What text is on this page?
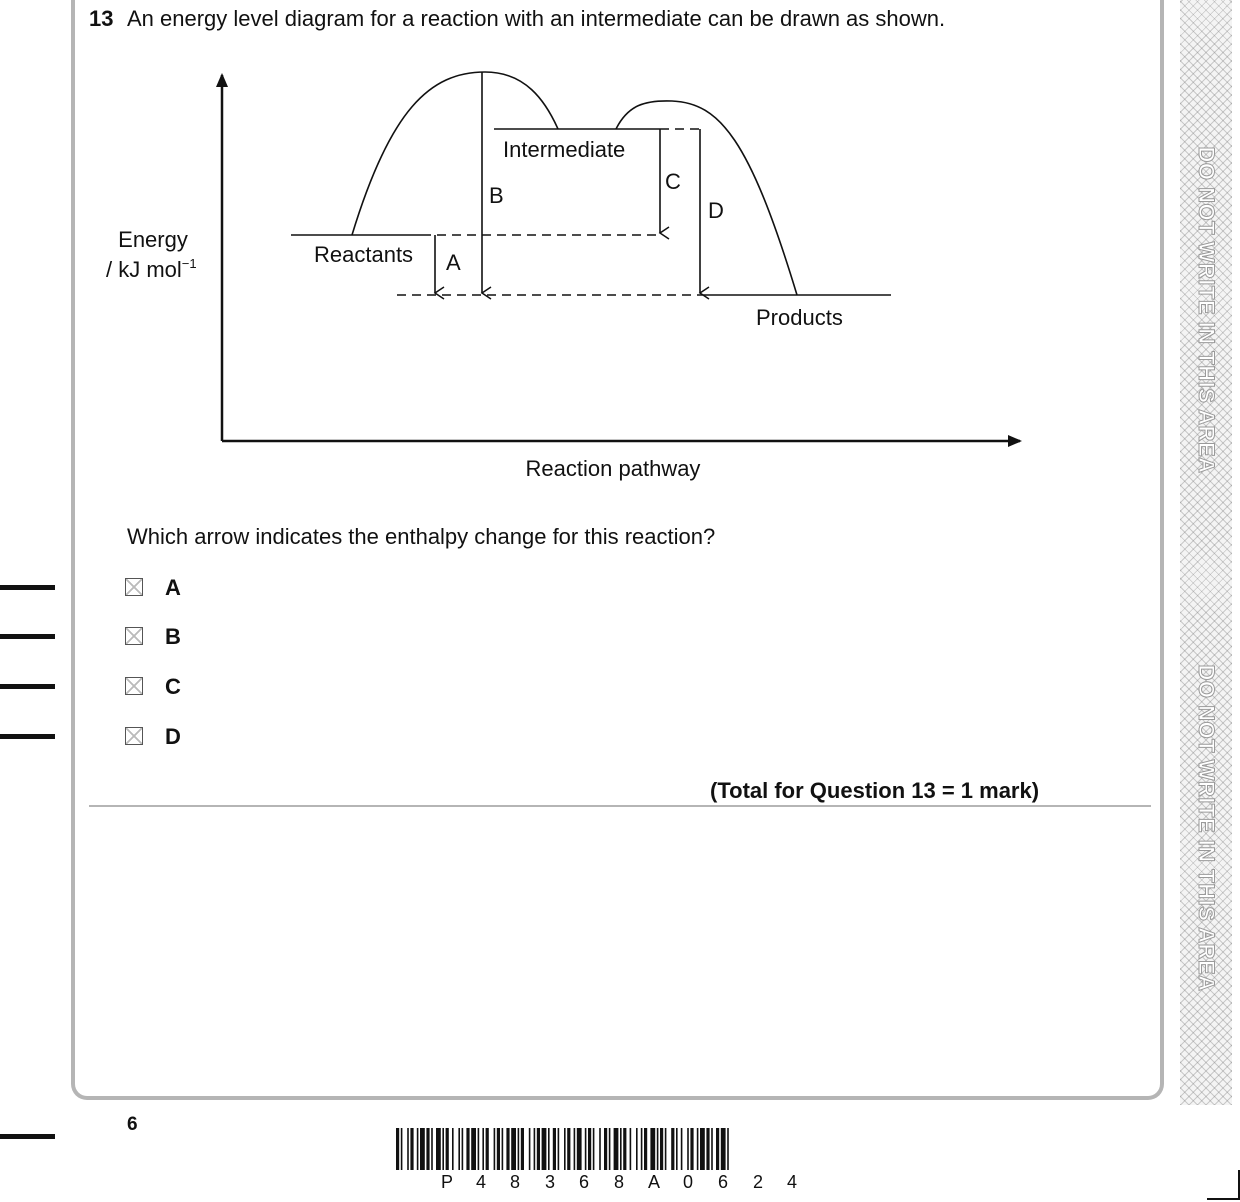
DO NOT WRITE IN THIS AREA
DO NOT WRITE IN THIS AREA
13 An energy level diagram for a reaction with an intermediate can be drawn as shown.
Energy
/ kJ mol$^{-1}$
Reaction pathway
Reactants
Intermediate
Products
A
B
C
D
Which arrow indicates the enthalpy change for this reaction?
A
B
C
D
(Total for Question 13 = 1 mark)
6
P 4 8 3 6 8 A 0 6 2 4
